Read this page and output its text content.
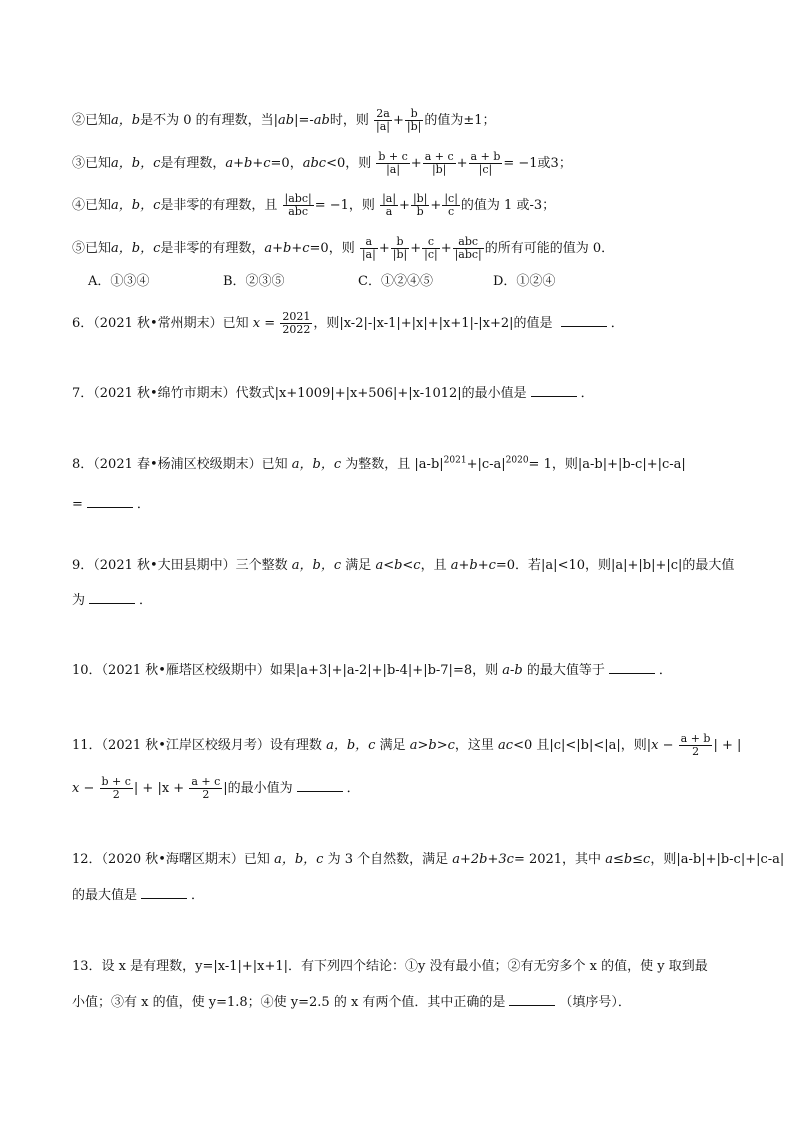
②已知a，b是不为 0 的有理数，当|ab|=-ab时，则 $\frac{2a}{|a|} + \frac{b}{|b|}$ 的值为±1；
③已知a，b，c是有理数，a+b+c=0，abc<0，则 $\frac{b + c}{|a|} + \frac{a + c}{|b|} + \frac{a + b}{|c|} = -1$或3；
④已知a，b，c是非零的有理数，且 $\frac{\text{|abc|}}{\text{abc}} = -1$，则 $\frac{|a|}{a} + \frac{|b|}{b} + \frac{|c|}{c}$ 的值为 1 或-3；
⑤已知a，b，c是非零的有理数，a+b+c=0，则 $\frac{a}{|a|} + \frac{b}{|b|} + \frac{c}{|c|} + \frac{\text{abc}}{\text{|abc|}}$ 的所有可能的值为 0．
A．①③④	B．②③⑤	C．①②④⑤	D．①②④
6．（2021 秋•常州期末）已知 $x = \frac{2021}{2022}$ ，则|x-2|-|x-1|+|x|+|x+1|-|x+2|的值是	．
7．（2021 秋•绵竹市期末）代数式|x+1009|+|x+506|+|x-1012|的最小值是	．
8．（2021 春•杨浦区校级期末）已知 a，b，c 为整数，且 $|a-b|^{2021}+|c-a|^{2020}= 1$，则|a-b|+|b-c|+|c-a|
=	．
9．（2021 秋•大田县期中）三个整数 a，b，c 满足 a<b<c，且 a+b+c=0．若|a|<10，则|a|+|b|+|c|的最大值
为	．
10．（2021 秋•雁塔区校级期中）如果|a+3|+|a-2|+|b-4|+|b-7|=8，则 a-b 的最大值等于	．
11．（2021 秋•江岸区校级月考）设有理数 a，b，c 满足 a>b>c，这里 ac<0 且|c|<|b|<|a|，则$|x - \frac{a + b}{2}$ | + |
$x - \frac{b + c}{2}$ | + $|x + \frac{a + c}{2}$ |的最小值为	．
12．（2020 秋•海曙区期末）已知 a，b，c 为 3 个自然数，满足 a+2b+3c= 2021，其中 a≤b≤c，则|a-b|+|b-c|+|c-a|
的最大值是	．
13．设 x 是有理数，y=|x-1|+|x+1|．有下列四个结论：①y 没有最小值；②有无穷多个 x 的值，使 y 取到最
小值；③有 x 的值，使 y=1.8；④使 y=2.5 的 x 有两个值．其中正确的是	（填序号）．
